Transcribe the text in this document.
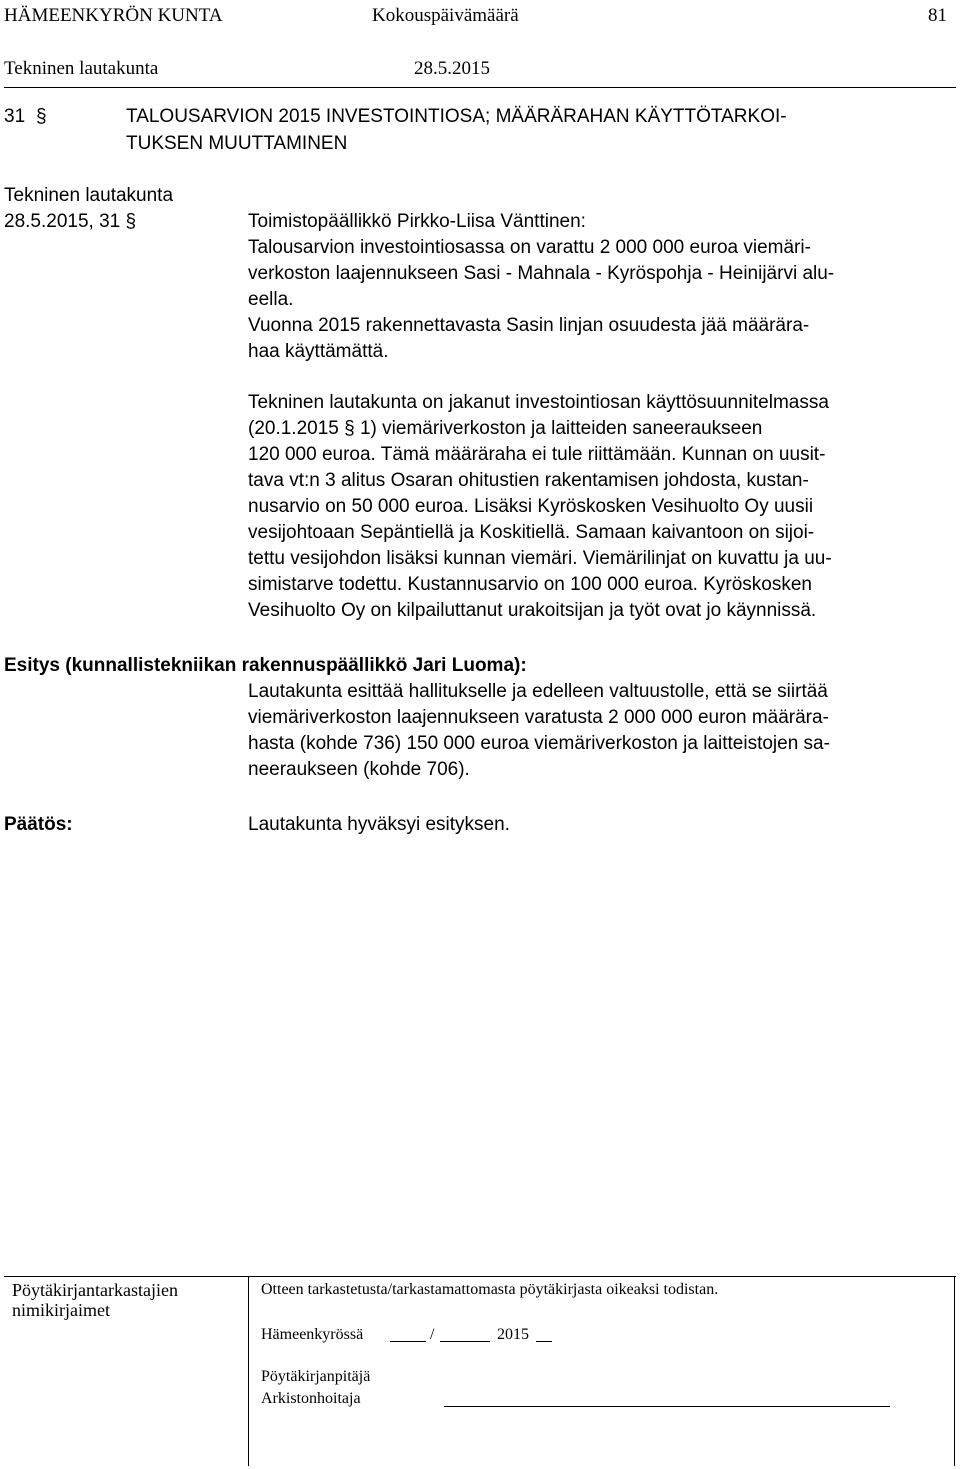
HÄMEENKYRÖN KUNTA	Kokouspäivämäärä	81
Tekninen lautakunta	28.5.2015
31 §	TALOUSARVION 2015 INVESTOINTIOSA; MÄÄRÄRAHAN KÄYTTÖTARKOI-
TUKSEN MUUTTAMINEN
Tekninen lautakunta
28.5.2015, 31 §	Toimistopäällikkö Pirkko-Liisa Vänttinen:
Talousarvion investointiosassa on varattu 2 000 000 euroa viemäri-
verkoston laajennukseen Sasi - Mahnala - Kyröspohja - Heinijärvi alu-
eella.
Vuonna 2015 rakennettavasta Sasin linjan osuudesta jää määrära-
haa käyttämättä.
Tekninen lautakunta on jakanut investointiosan käyttösuunnitelmassa
(20.1.2015 § 1) viemäriverkoston ja laitteiden saneeraukseen
120 000 euroa. Tämä määräraha ei tule riittämään. Kunnan on uusit-
tava vt:n 3 alitus Osaran ohitustien rakentamisen johdosta, kustan-
nusarvio on 50 000 euroa. Lisäksi Kyröskosken Vesihuolto Oy uusii
vesijohtoaan Sepäntiellä ja Koskitiellä. Samaan kaivantoon on sijoi-
tettu vesijohdon lisäksi kunnan viemäri. Viemärilinjat on kuvattu ja uu-
simistarve todettu. Kustannusarvio on 100 000 euroa. Kyröskosken
Vesihuolto Oy on kilpailuttanut urakoitsijan ja työt ovat jo käynnissä.
Esitys (kunnallistekniikan rakennuspäällikkö Jari Luoma):
Lautakunta esittää hallitukselle ja edelleen valtuustolle, että se siirtää
viemäriverkoston laajennukseen varatusta 2 000 000 euron määrära-
hasta (kohde 736) 150 000 euroa viemäriverkoston ja laitteistojen sa-
neeraukseen (kohde 706).
Päätös:	Lautakunta hyväksyi esityksen.
Pöytäkirjantarkastajien
nimikirjaimet
Otteen tarkastetusta/tarkastamattomasta pöytäkirjasta oikeaksi todistan.
Hämeenkyrössä	/	2015
Pöytäkirjanpitäjä
Arkistonhoitaja
